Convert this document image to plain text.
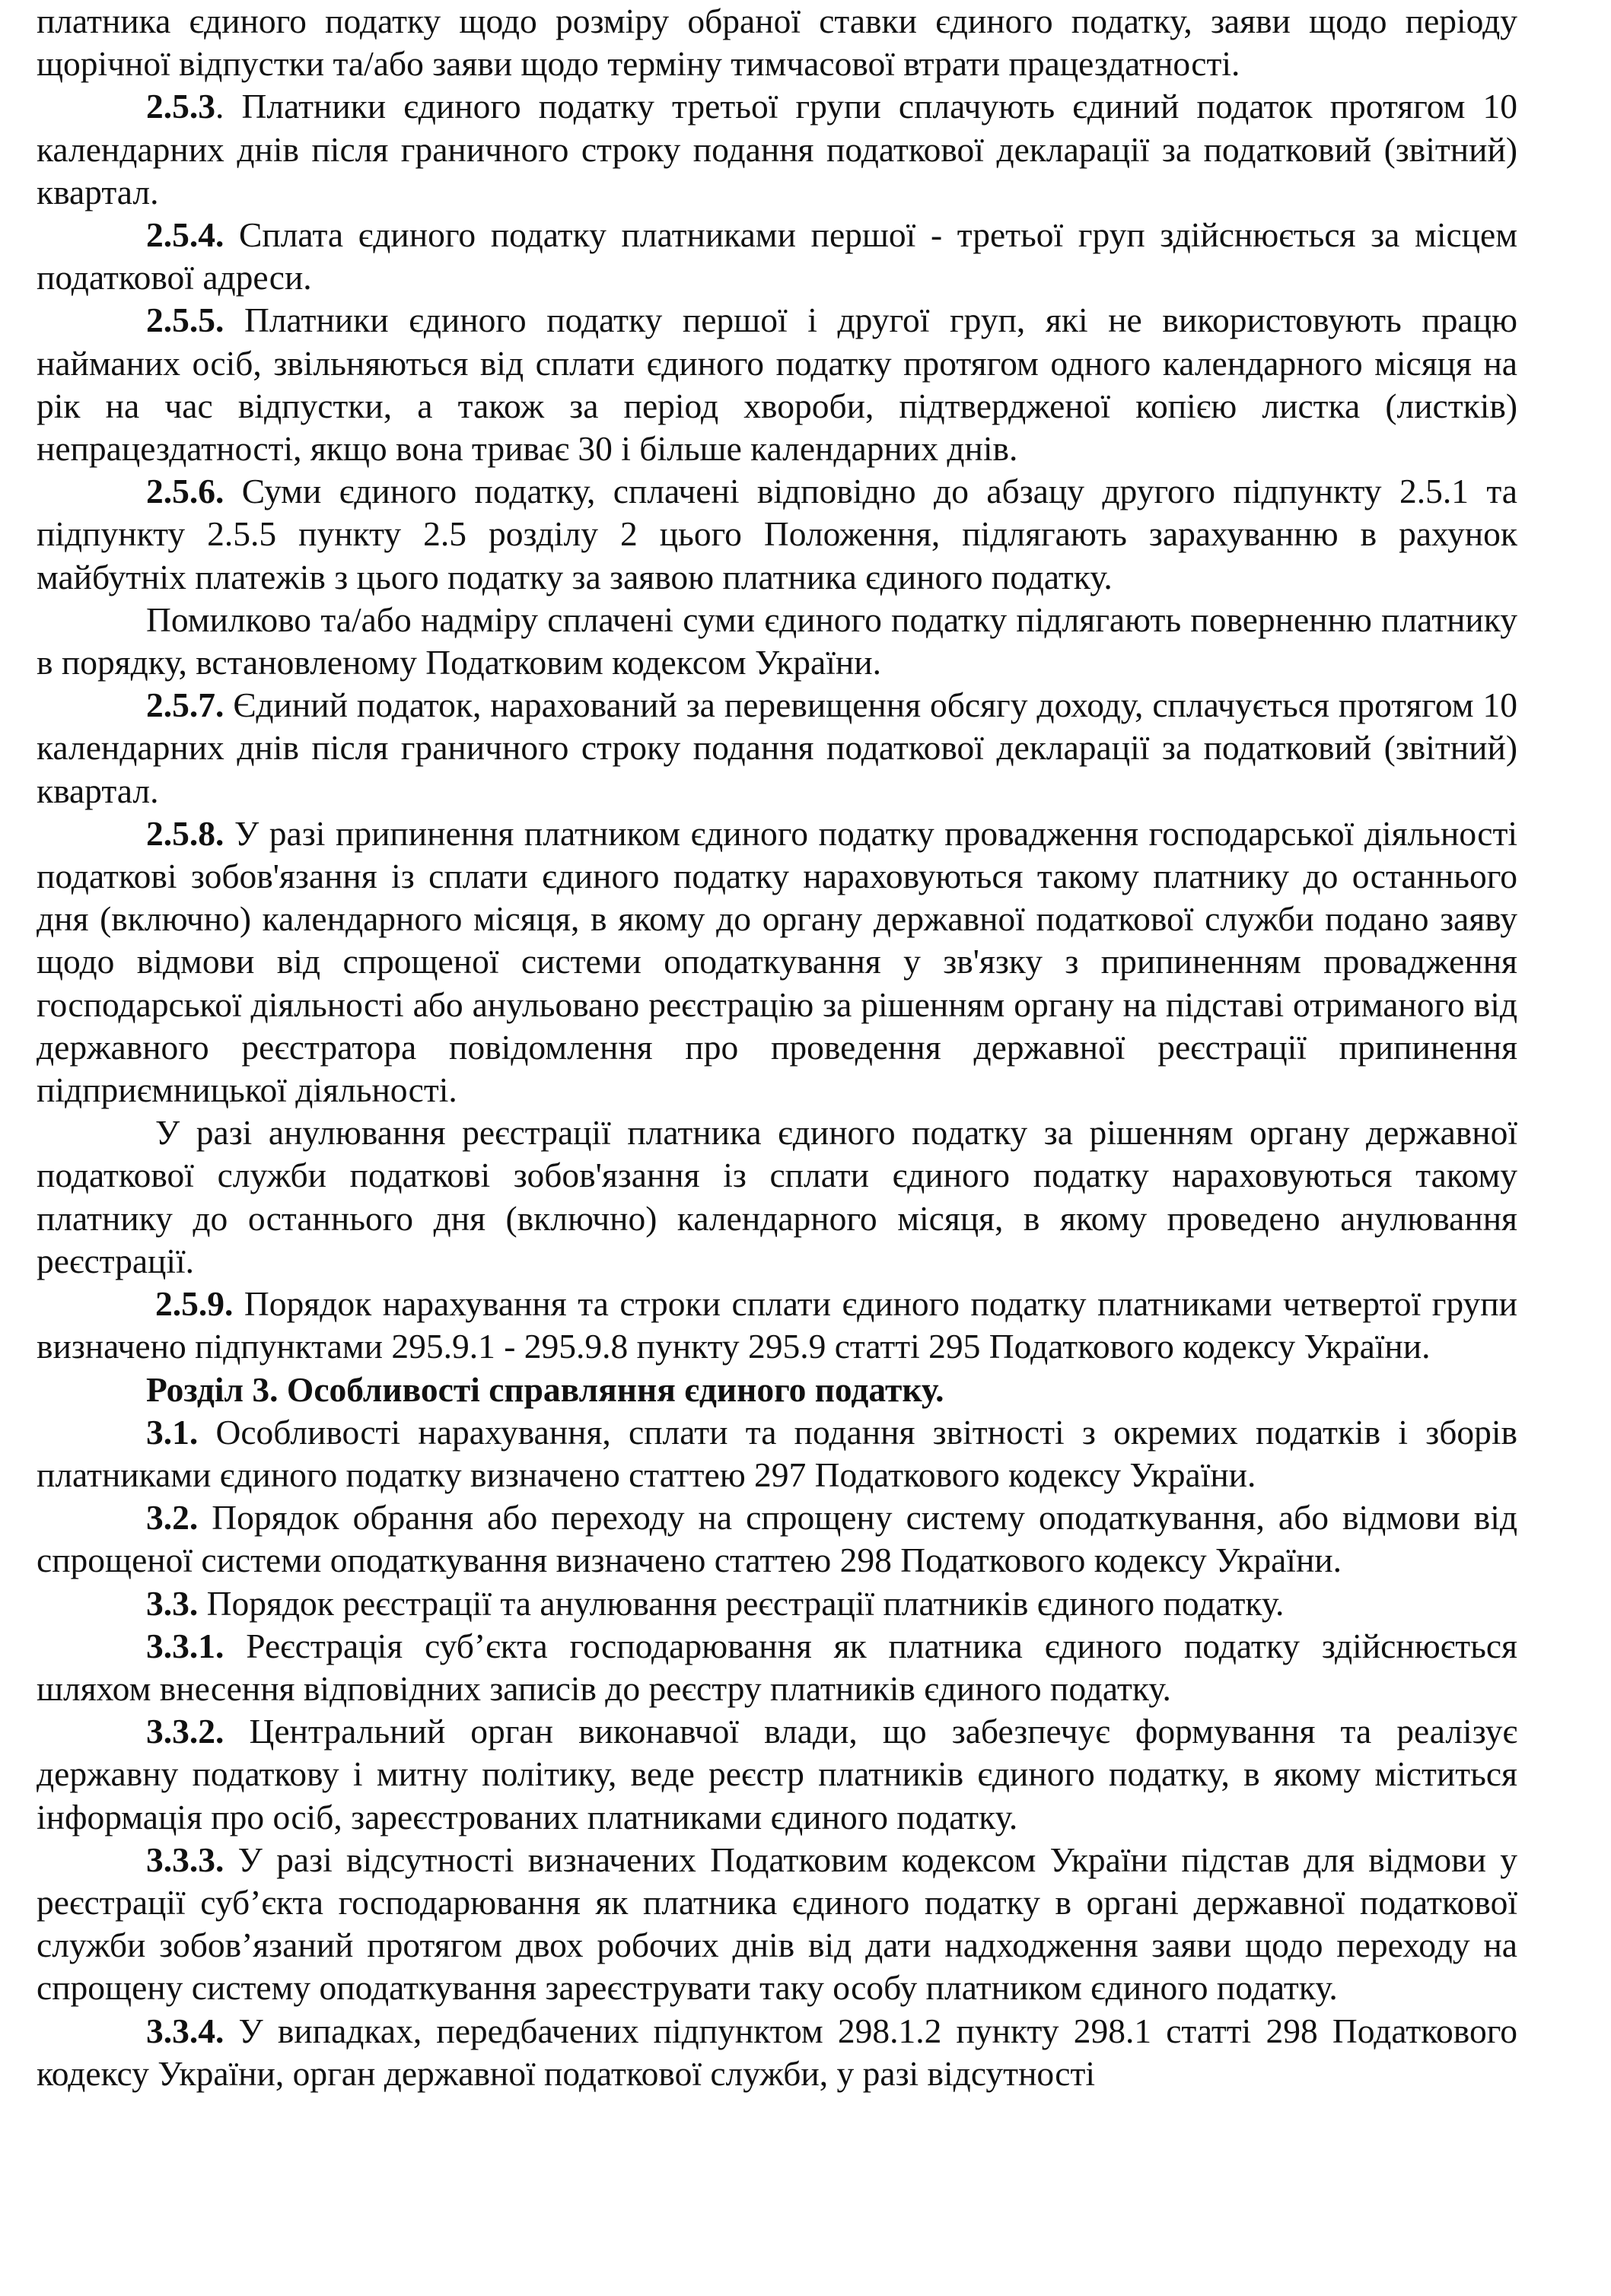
платника єдиного податку щодо розміру обраної ставки єдиного податку, заяви щодо періоду щорічної відпустки та/або заяви щодо терміну тимчасової втрати працездатності.

2.5.3. Платники єдиного податку третьої групи сплачують єдиний податок протягом 10 календарних днів після граничного строку подання податкової декларації за податковий (звітний) квартал.

2.5.4. Сплата єдиного податку платниками першої - третьої груп здійснюється за місцем податкової адреси.

2.5.5. Платники єдиного податку першої і другої груп, які не використовують працю найманих осіб, звільняються від сплати єдиного податку протягом одного календарного місяця на рік на час відпустки, а також за період хвороби, підтвердженої копією листка (листків) непрацездатності, якщо вона триває 30 і більше календарних днів.

2.5.6. Суми єдиного податку, сплачені відповідно до абзацу другого підпункту 2.5.1 та підпункту 2.5.5 пункту 2.5 розділу 2 цього Положення, підлягають зарахуванню в рахунок майбутніх платежів з цього податку за заявою платника єдиного податку.

Помилково та/або надміру сплачені суми єдиного податку підлягають поверненню платнику в порядку, встановленому Податковим кодексом України.

2.5.7. Єдиний податок, нарахований за перевищення обсягу доходу, сплачується протягом 10 календарних днів після граничного строку подання податкової декларації за податковий (звітний) квартал.

2.5.8. У разі припинення платником єдиного податку провадження господарської діяльності податкові зобов'язання із сплати єдиного податку нараховуються такому платнику до останнього дня (включно) календарного місяця, в якому до органу державної податкової служби подано заяву щодо відмови від спрощеної системи оподаткування у зв'язку з припиненням провадження господарської діяльності або анульовано реєстрацію за рішенням органу на підставі отриманого від державного реєстратора повідомлення про проведення державної реєстрації припинення підприємницької діяльності.

У разі анулювання реєстрації платника єдиного податку за рішенням органу державної податкової служби податкові зобов'язання із сплати єдиного податку нараховуються такому платнику до останнього дня (включно) календарного місяця, в якому проведено анулювання реєстрації.

2.5.9. Порядок нарахування та строки сплати єдиного податку платниками четвертої групи визначено підпунктами 295.9.1 - 295.9.8 пункту 295.9 статті 295 Податкового кодексу України.

Розділ 3. Особливості справляння єдиного податку.

3.1. Особливості нарахування, сплати та подання звітності з окремих податків і зборів платниками єдиного податку визначено статтею 297 Податкового кодексу України.

3.2. Порядок обрання або переходу на спрощену систему оподаткування, або відмови від спрощеної системи оподаткування визначено статтею 298 Податкового кодексу України.

3.3. Порядок реєстрації та анулювання реєстрації платників єдиного податку.

3.3.1. Реєстрація суб’єкта господарювання як платника єдиного податку здійснюється шляхом внесення відповідних записів до реєстру платників єдиного податку.

3.3.2. Центральний орган виконавчої влади, що забезпечує формування та реалізує державну податкову і митну політику, веде реєстр платників єдиного податку, в якому міститься інформація про осіб, зареєстрованих платниками єдиного податку.

3.3.3. У разі відсутності визначених Податковим кодексом України підстав для відмови у реєстрації суб’єкта господарювання як платника єдиного податку в органі державної податкової служби зобов’язаний протягом двох робочих днів від дати надходження заяви щодо переходу на спрощену систему оподаткування зареєструвати таку особу платником єдиного податку.

3.3.4. У випадках, передбачених підпунктом 298.1.2 пункту 298.1 статті 298 Податкового кодексу України, орган державної податкової служби, у разі відсутності
